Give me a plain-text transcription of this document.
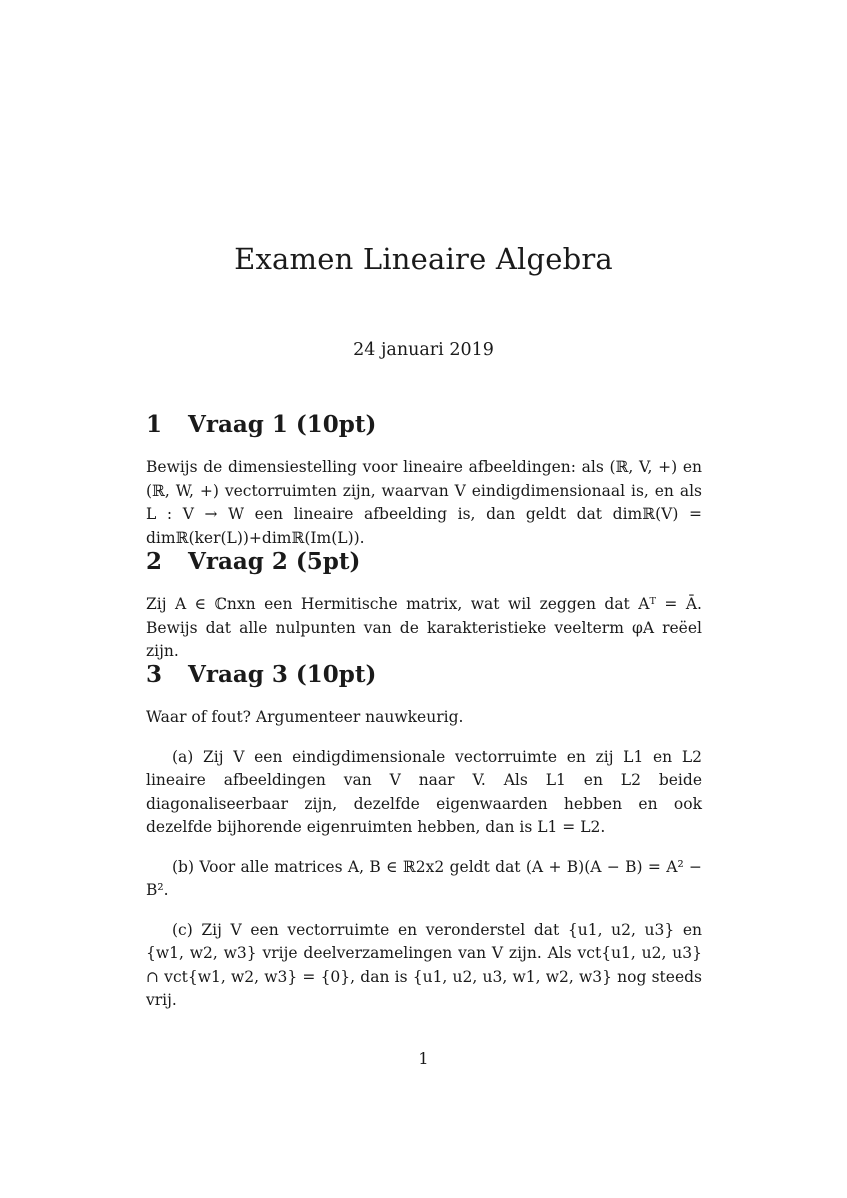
Examen Lineaire Algebra
24 januari 2019
1 Vraag 1 (10pt)

Bewijs de dimensiestelling voor lineaire afbeeldingen: als (ℝ, V, +) en (ℝ, W, +) vectorruimten zijn, waarvan V eindigdimensionaal is, en als L : V → W een lineaire afbeelding is, dan geldt dat dimℝ(V) = dimℝ(ker(L))+dimℝ(Im(L)).

2 Vraag 2 (5pt)

Zij A ∈ ℂnxn een Hermitische matrix, wat wil zeggen dat Aᵀ = Ā. Bewijs dat alle nulpunten van de karakteristieke veelterm φA reëel zijn.

3 Vraag 3 (10pt)

Waar of fout? Argumenteer nauwkeurig.

(a) Zij V een eindigdimensionale vectorruimte en zij L1 en L2 lineaire afbeeldingen van V naar V. Als L1 en L2 beide diagonaliseerbaar zijn, dezelfde eigenwaarden hebben en ook dezelfde bijhorende eigenruimten hebben, dan is L1 = L2.

(b) Voor alle matrices A, B ∈ ℝ2x2 geldt dat (A + B)(A − B) = A² − B².

(c) Zij V een vectorruimte en veronderstel dat {u1, u2, u3} en {w1, w2, w3} vrije deelverzamelingen van V zijn. Als vct{u1, u2, u3} ∩ vct{w1, w2, w3} = {0}, dan is {u1, u2, u3, w1, w2, w3} nog steeds vrij.

1
